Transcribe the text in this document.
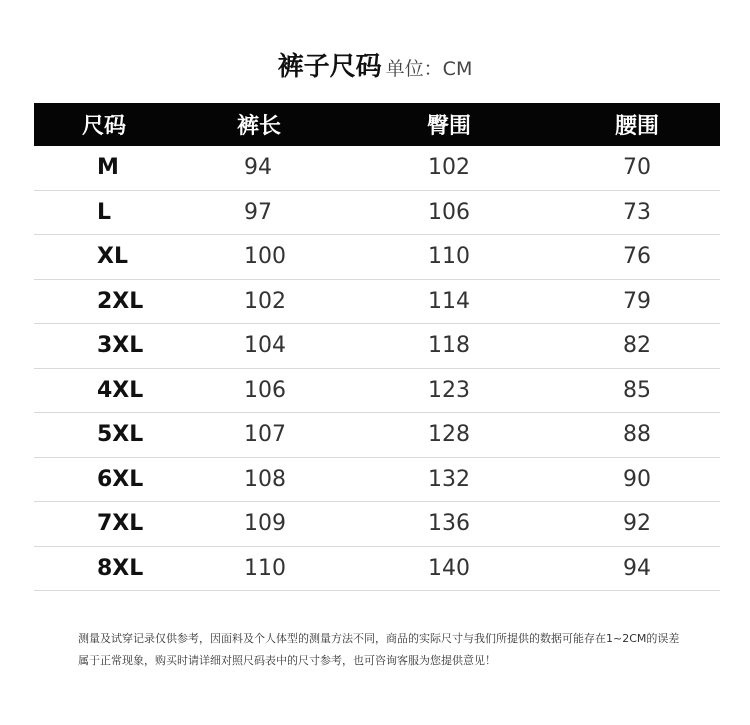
裤子尺码 单位：CM
尺码	裤长	臀围	腰围
M	94	102	70
L	97	106	73
XL	100	110	76
2XL	102	114	79
3XL	104	118	82
4XL	106	123	85
5XL	107	128	88
6XL	108	132	90
7XL	109	136	92
8XL	110	140	94
测量及试穿记录仅供参考，因面料及个人体型的测量方法不同，商品的实际尺寸与我们所提供的数据可能存在1~2CM的误差
属于正常现象，购买时请详细对照尺码表中的尺寸参考，也可咨询客服为您提供意见！
